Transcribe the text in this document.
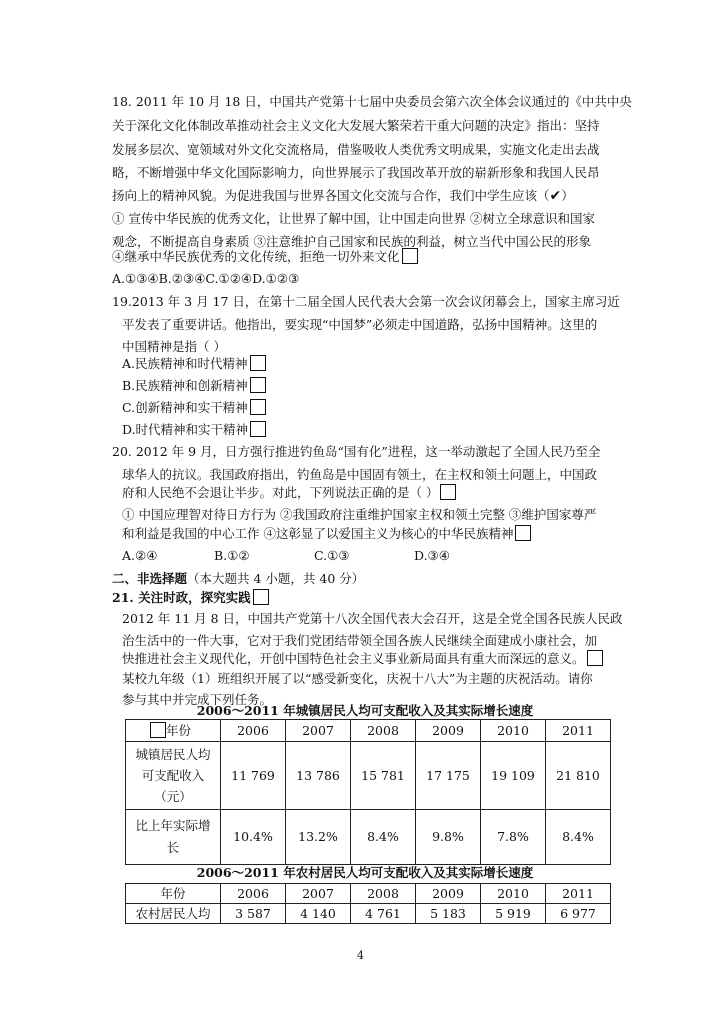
18. 2011 年 10 月 18 日，中国共产党第十七届中央委员会第六次全体会议通过的《中共中央
关于深化文化体制改革推动社会主义文化大发展大繁荣若干重大问题的决定》指出：坚持
发展多层次、宽领域对外文化交流格局，借鉴吸收人类优秀文明成果，实施文化走出去战
略，不断增强中华文化国际影响力，向世界展示了我国改革开放的崭新形象和我国人民昂
扬向上的精神风貌。为促进我国与世界各国文化交流与合作，我们中学生应该（✔）
① 宣传中华民族的优秀文化，让世界了解中国，让中国走向世界 ②树立全球意识和国家
观念，不断提高自身素质 ③注意维护自己国家和民族的利益，树立当代中国公民的形象
④继承中华民族优秀的文化传统，拒绝一切外来文化
A.①③④B.②③④C.①②④D.①②③
19.2013 年 3 月 17 日，在第十二届全国人民代表大会第一次会议闭幕会上，国家主席习近
平发表了重要讲话。他指出，要实现“中国梦”必须走中国道路，弘扬中国精神。这里的
中国精神是指（ ）
A.民族精神和时代精神
B.民族精神和创新精神
C.创新精神和实干精神
D.时代精神和实干精神
20. 2012 年 9 月，日方强行推进钓鱼岛“国有化”进程，这一举动激起了全国人民乃至全
球华人的抗议。我国政府指出，钓鱼岛是中国固有领土，在主权和领土问题上，中国政
府和人民绝不会退让半步。对此，下列说法正确的是（ ）
① 中国应理智对待日方行为 ②我国政府注重维护国家主权和领土完整 ③维护国家尊严
和利益是我国的中心工作 ④这彰显了以爱国主义为核心的中华民族精神
A.②④	B.①②	C.①③	D.③④
二、非选择题（本大题共 4 小题，共 40 分）
21. 关注时政，探究实践
2012 年 11 月 8 日，中国共产党第十八次全国代表大会召开，这是全党全国各民族人民政
治生活中的一件大事，它对于我们党团结带领全国各族人民继续全面建成小康社会，加
快推进社会主义现代化，开创中国特色社会主义事业新局面具有重大而深远的意义。
某校九年级（1）班组织开展了以“感受新变化，庆祝十八大”为主题的庆祝活动。请你
参与其中并完成下列任务。
2006～2011 年城镇居民人均可支配收入及其实际增长速度
年份	2006	2007	2008	2009	2010	2011

城镇居民人均
可支配收入
（元）	11 769	13 786	15 781	17 175	19 109	21 810

比上年实际增
长	10.4%	13.2%	8.4%	9.8%	7.8%	8.4%
2006～2011 年农村居民人均可支配收入及其实际增长速度
年份	2006	2007	2008	2009	2010	2011
农村居民人均	3 587	4 140	4 761	5 183	5 919	6 977
4
